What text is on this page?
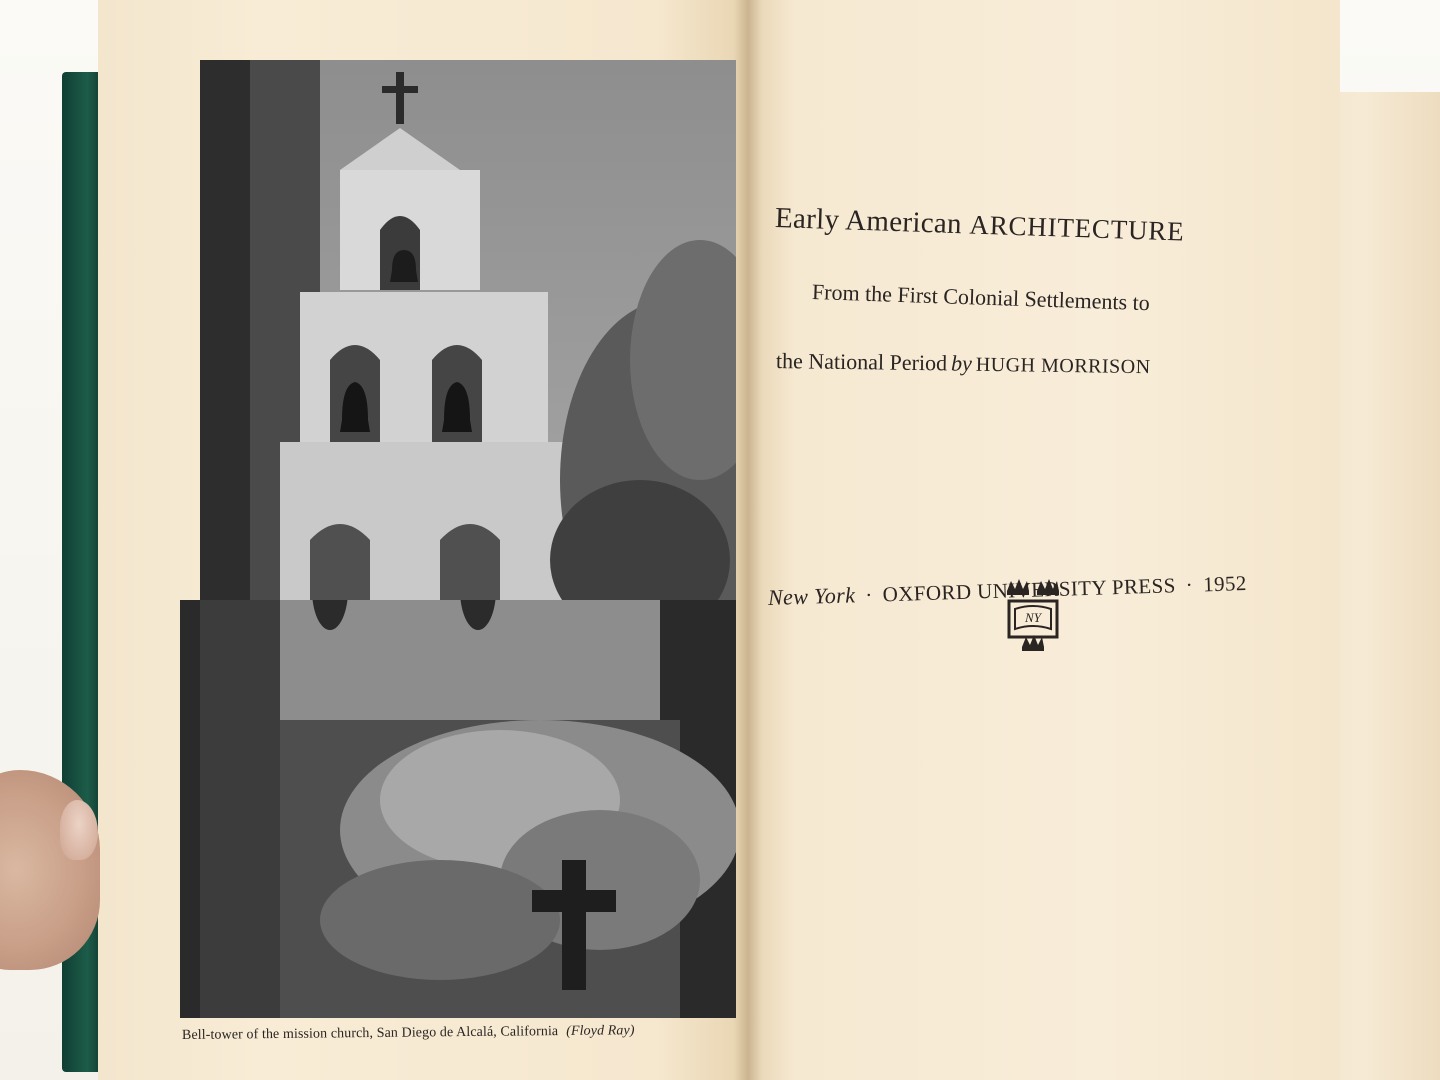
Bell-tower of the mission church, San Diego de Alcalá, California (Floyd Ray)
Early American ARCHITECTURE
From the First Colonial Settlements to
the National Period by HUGH MORRISON
NY
New York · OXFORD UNIVERSITY PRESS · 1952
